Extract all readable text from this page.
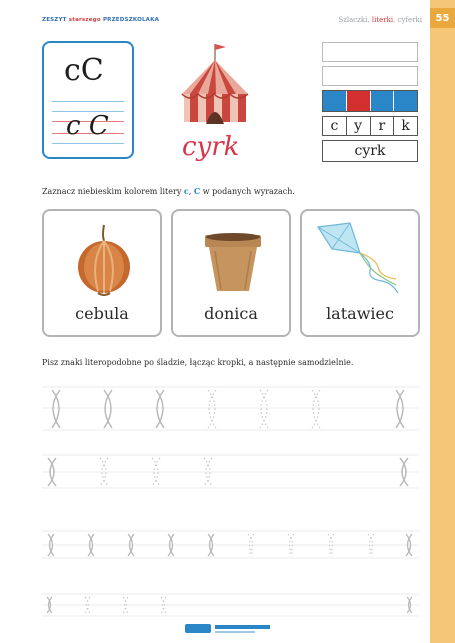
55
ZESZYT starszego PRZEDSZKOLAKA	Szlaczki, literki, cyferki
cC
c C
cyrk
c	y	r	k
cyrk
Zaznacz niebieskim kolorem litery c, C w podanych wyrazach.
cebula	donica	latawiec
Pisz znaki literopodobne po śladzie, łącząc kropki, a następnie samodzielnie.
